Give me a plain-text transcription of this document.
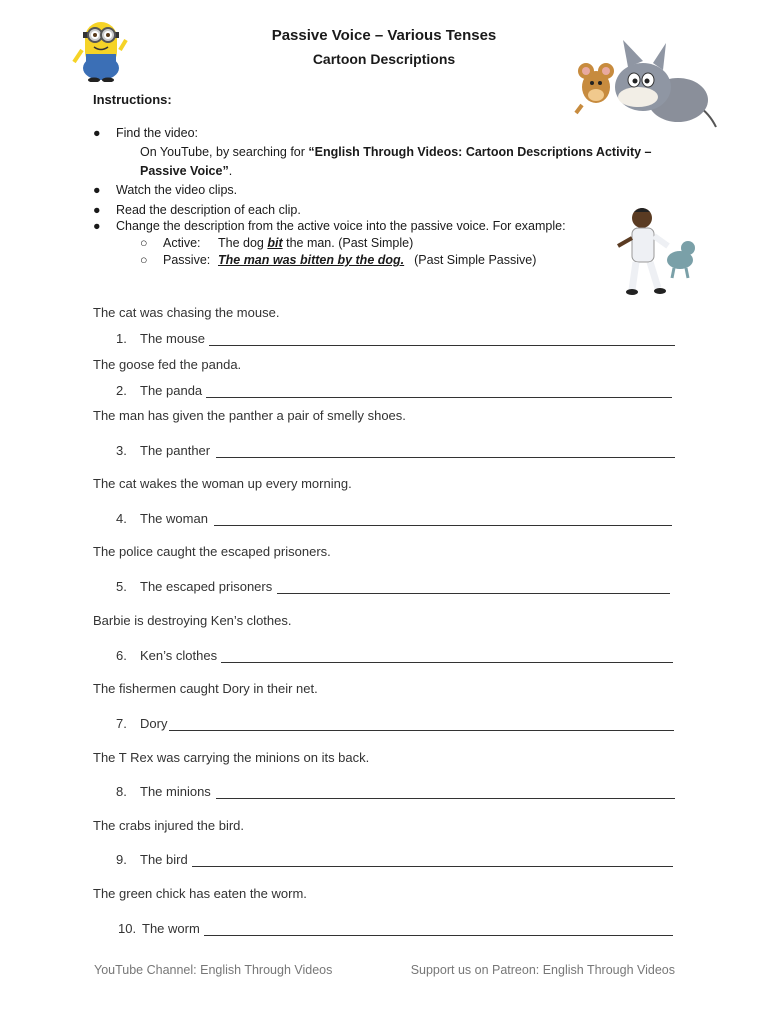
Passive Voice – Various Tenses
Cartoon Descriptions
Instructions:
● Find the video:
On YouTube, by searching for “English Through Videos: Cartoon Descriptions Activity –
Passive Voice”.
● Watch the video clips.
● Read the description of each clip.
● Change the description from the active voice into the passive voice. For example:
○ Active: The dog bit the man. (Past Simple)
○ Passive: The man was bitten by the dog. (Past Simple Passive)
The cat was chasing the mouse.
1. The mouse
The goose fed the panda.
2. The panda
The man has given the panther a pair of smelly shoes.
3. The panther
The cat wakes the woman up every morning.
4. The woman
The police caught the escaped prisoners.
5. The escaped prisoners
Barbie is destroying Ken’s clothes.
6. Ken’s clothes
The fishermen caught Dory in their net.
7. Dory
The T Rex was carrying the minions on its back.
8. The minions
The crabs injured the bird.
9. The bird
The green chick has eaten the worm.
10. The worm
YouTube Channel: English Through Videos	Support us on Patreon: English Through Videos
